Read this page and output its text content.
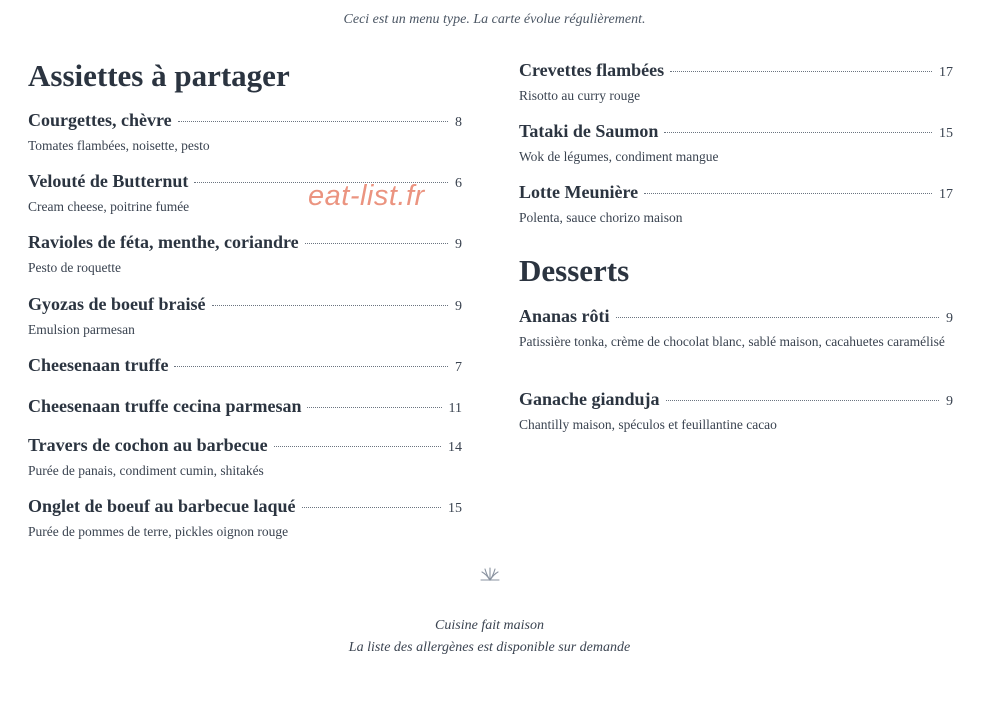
Ceci est un menu type. La carte évolue régulièrement.
Assiettes à partager
Courgettes, chèvre	8
Tomates flambées, noisette, pesto
Velouté de Butternut	6
Cream cheese, poitrine fumée
Ravioles de féta, menthe, coriandre	9
Pesto de roquette
Gyozas de boeuf braisé	9
Emulsion parmesan
Cheesenaan truffe	7
Cheesenaan truffe cecina parmesan	11
Travers de cochon au barbecue	14
Purée de panais, condiment cumin, shitakés
Onglet de boeuf au barbecue laqué	15
Purée de pommes de terre, pickles oignon rouge
Crevettes flambées	17
Risotto au curry rouge
Tataki de Saumon	15
Wok de légumes, condiment mangue
Lotte Meunière	17
Polenta, sauce chorizo maison
Desserts
Ananas rôti	9
Patissière tonka, crème de chocolat blanc, sablé maison, cacahuetes caramélisé
Ganache gianduja	9
Chantilly maison, spéculos et feuillantine cacao
eat-list.fr
Cuisine fait maison
La liste des allergènes est disponible sur demande
